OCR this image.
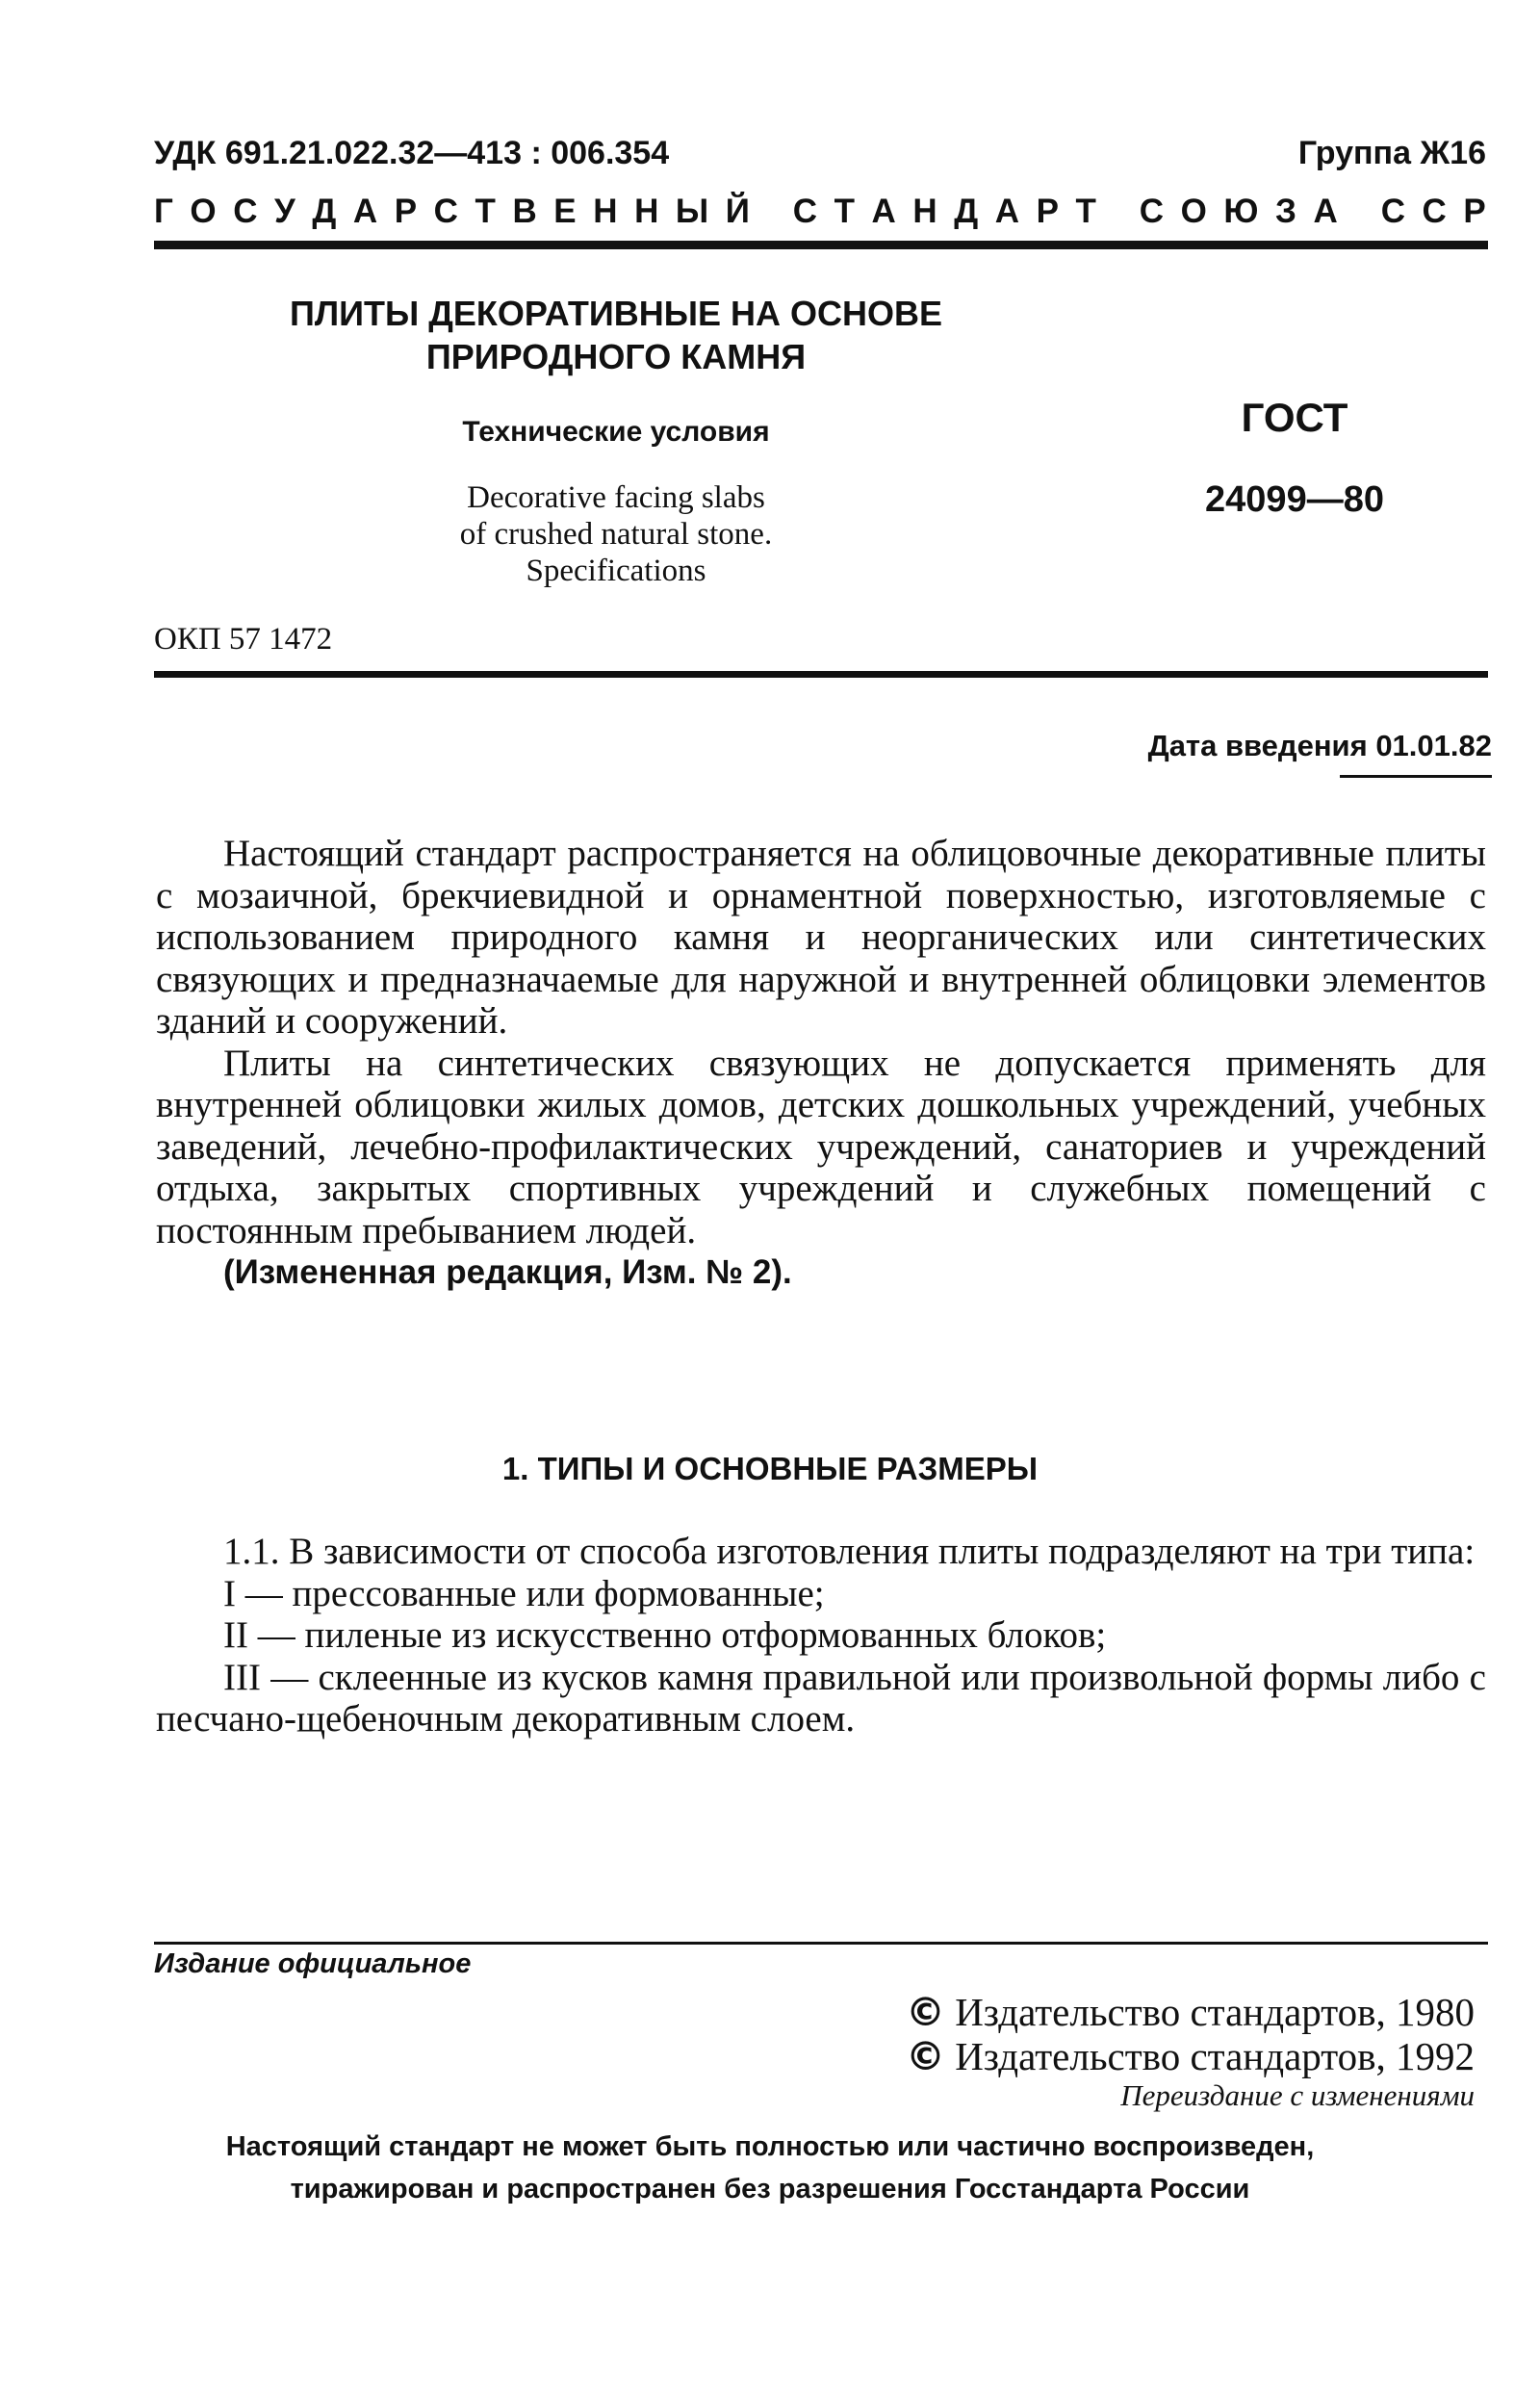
УДК 691.21.022.32—413 : 006.354	Группа Ж16
Г О С У Д А Р С Т В Е Н Н Ы Й
С Т А Н Д А Р Т
С О Ю З А
С С Р
ПЛИТЫ ДЕКОРАТИВНЫЕ НА ОСНОВЕ
ПРИРОДНОГО КАМНЯ
Технические условия
Decorative facing slabs
of crushed natural stone.
Specifications
ГОСТ
24099—80
ОКП 57 1472
Дата введения 01.01.82

Настоящий стандарт распространяется на облицовочные декоративные плиты с мозаичной, брекчиевидной и орнаментной поверхностью, изготовляемые с использованием природного камня и неорганических или синтетических связующих и предназначаемые для наружной и внутренней облицовки элементов зданий и сооружений.

Плиты на синтетических связующих не допускается применять для внутренней облицовки жилых домов, детских дошкольных учреждений, учебных заведений, лечебно-профилактических учреждений, санаториев и учреждений отдыха, закрытых спортивных учреждений и служебных помещений с постоянным пребыванием людей.

(Измененная редакция, Изм. № 2).

1. ТИПЫ И ОСНОВНЫЕ РАЗМЕРЫ

1.1. В зависимости от способа изготовления плиты подразделяют на три типа:

I — прессованные или формованные;

II — пиленые из искусственно отформованных блоков;

III — склеенные из кусков камня правильной или произвольной формы либо с песчано-щебеночным декоративным слоем.

Издание официальное
© Издательство стандартов, 1980
© Издательство стандартов, 1992
Переиздание с изменениями
Настоящий стандарт не может быть полностью или частично воспроизведен,
тиражирован и распространен без разрешения Госстандарта России
